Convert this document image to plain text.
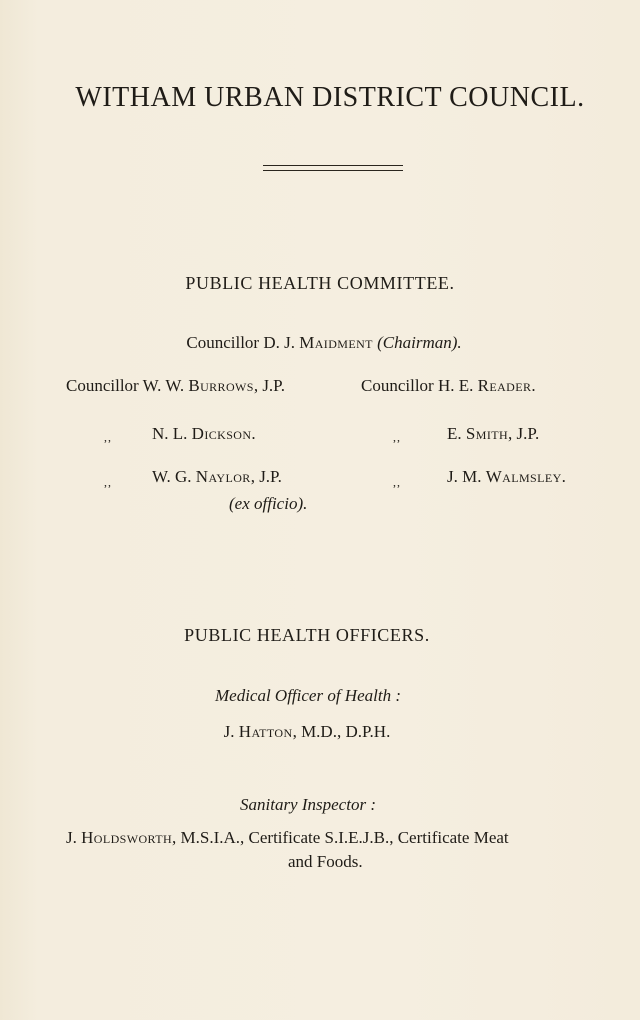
WITHAM URBAN DISTRICT COUNCIL.
PUBLIC HEALTH COMMITTEE.
Councillor D. J. Maidment (Chairman).
Councillor W. W. Burrows, J.P.
,, N. L. Dickson.
,, W. G. Naylor, J.P.
(ex officio).
Councillor H. E. Reader.
,,	E. Smith, J.P.
,,	J. M. Walmsley.
PUBLIC HEALTH OFFICERS.
Medical Officer of Health :
J. Hatton, M.D., D.P.H.
Sanitary Inspector :
J. Holdsworth, M.S.I.A., Certificate S.I.E.J.B., Certificate Meat
and Foods.
